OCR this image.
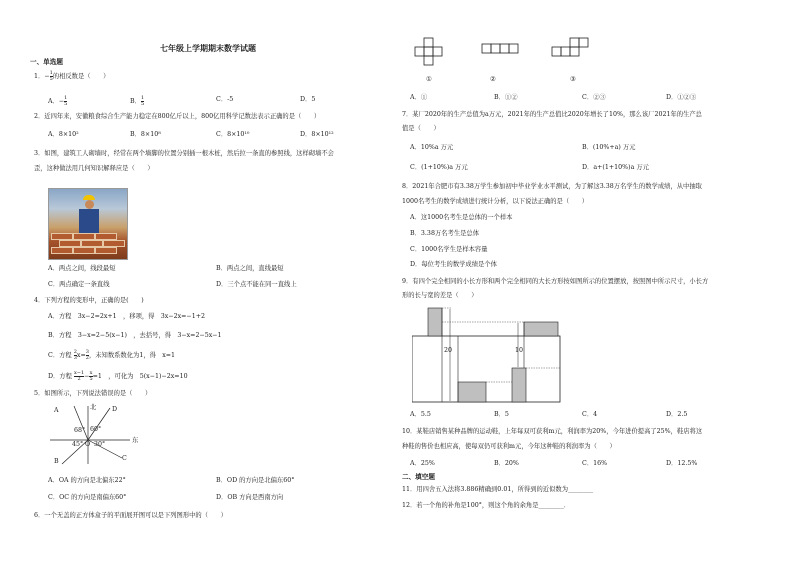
七年级上学期期末数学试题
一、单选题
1．− $\frac{1}{5}$ 的相反数是（　　）
A．− $\frac{1}{5}$	B． $\frac{1}{5}$	C．-5	D．5
2．近四年来，安徽粮食综合生产能力稳定在800亿斤以上，800亿用科学记数法表示正确的是（　　）
A．8×10²	B．8×10⁸	C．8×10¹⁰	D．8×10¹²
3．如图，建筑工人砌墙时，经常在两个墙脚的位置分别插一根木桩，然后拉一条直的参照线，这样砌墙不会
歪，这种做法用几何知识解释应是（　　）
A．两点之间，线段最短	B．两点之间，直线最短
C．两点确定一条直线	D．三个点不能在同一直线上
4．下列方程的变形中，正确的是(　　)
A．方程　3x−2=2x+1　，移项，得　3x−2x=−1+2
B．方程　3−x=2−5(x−1)　，去括号，得　3−x=2−5x−1
C．方程 $\frac{2}{3} x= \frac{3}{2}$ ，未知数系数化为1，得　x=1
D．方程 $\frac{x-1}{2} - \frac{x}{5} =1$　，可化为　5(x−1)−2x=10
5．如图所示，下列说法错误的是（　　）
A	北 D
68° 60°
45° O 30°
东
B	C
A．OA 的方向是北偏东22°	B．OD 的方向是北偏东60°
C．OC 的方向是南偏东60°	D．OB 方向是西南方向
6．一个无盖的正方体盒子的平面展开图可以是下列图形中的（　　）
①	②	③
A．①	B．①②	C．②③	D．①②③
7．某厂2020年的生产总值为a万元，2021年的生产总值比2020年增长了10%，那么该厂2021年的生产总
值是（　　）
A．10%a 万元	B．(10%+a) 万元
C．(1+10%)a 万元	D．a+(1+10%)a 万元
8．2021年合肥市有3.38万学生参加初中毕业学业水平测试，为了解这3.38万名学生的数学成绩，从中抽取
1000名考生的数学成绩进行统计分析，以下说法正确的是（　　）
A．这1000名考生是总体的一个样本
B．3.38万名考生是总体
C．1000名学生是样本容量
D．每位考生的数学成绩是个体
9．有四个完全相同的小长方形和两个完全相同的大长方形按如图所示的位置摆放，按照图中所示尺寸，小长方
形的长与宽的差是（　　）
20	10
A．5.5	B．5	C．4	D．2.5
10．某鞋店销售某种品牌的运动鞋，上年每双可获利m元，利润率为20%，今年进价提高了25%，鞋店将这
种鞋的售价也相应高，使每双仍可获利m元，今年这种鞋的利润率为（　　）
A．25%	B．20%	C．16%	D．12.5%
二、填空题
11．用四舍五入法将3.886精确到0.01，所得到的近似数为________
12．若一个角的补角是100°，则这个角的余角是________．
